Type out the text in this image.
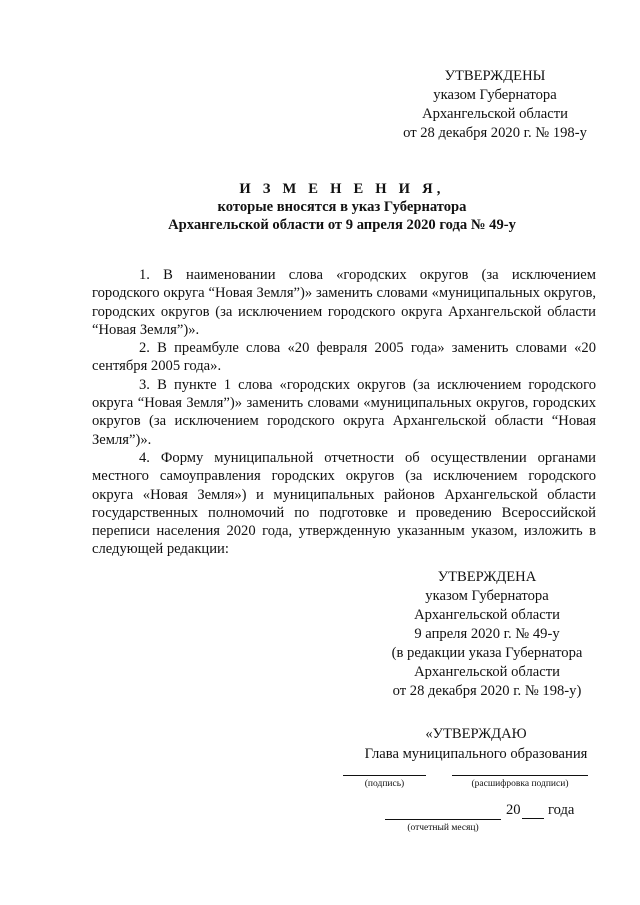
УТВЕРЖДЕНЫ
указом Губернатора
Архангельской области
от 28 декабря 2020 г. № 198-у
И З М Е Н Е Н И Я,
которые вносятся в указ Губернатора
Архангельской области от 9 апреля 2020 года № 49-у

1. В наименовании слова «городских округов (за исключением городского округа “Новая Земля”)» заменить словами «муниципальных округов, городских округов (за исключением городского округа Архангельской области “Новая Земля”)».

2. В преамбуле слова «20 февраля 2005 года» заменить словами «20 сентября 2005 года».

3. В пункте 1 слова «городских округов (за исключением городского округа “Новая Земля”)» заменить словами «муниципальных округов, городских округов (за исключением городского округа Архангельской области “Новая Земля”)».

4. Форму муниципальной отчетности об осуществлении органами местного самоуправления городских округов (за исключением городского округа «Новая Земля») и муниципальных районов Архангельской области государственных полномочий по подготовке и проведению Всероссийской переписи населения 2020 года, утвержденную указанным указом, изложить в следующей редакции:

УТВЕРЖДЕНА
указом Губернатора
Архангельской области
9 апреля 2020 г. № 49-у
(в редакции указа Губернатора
Архангельской области
от 28 декабря 2020 г. № 198-у)
«УТВЕРЖДАЮ
Глава муниципального образования
(подпись)	(расшифровка подписи)
(отчетный месяц)
20 года
